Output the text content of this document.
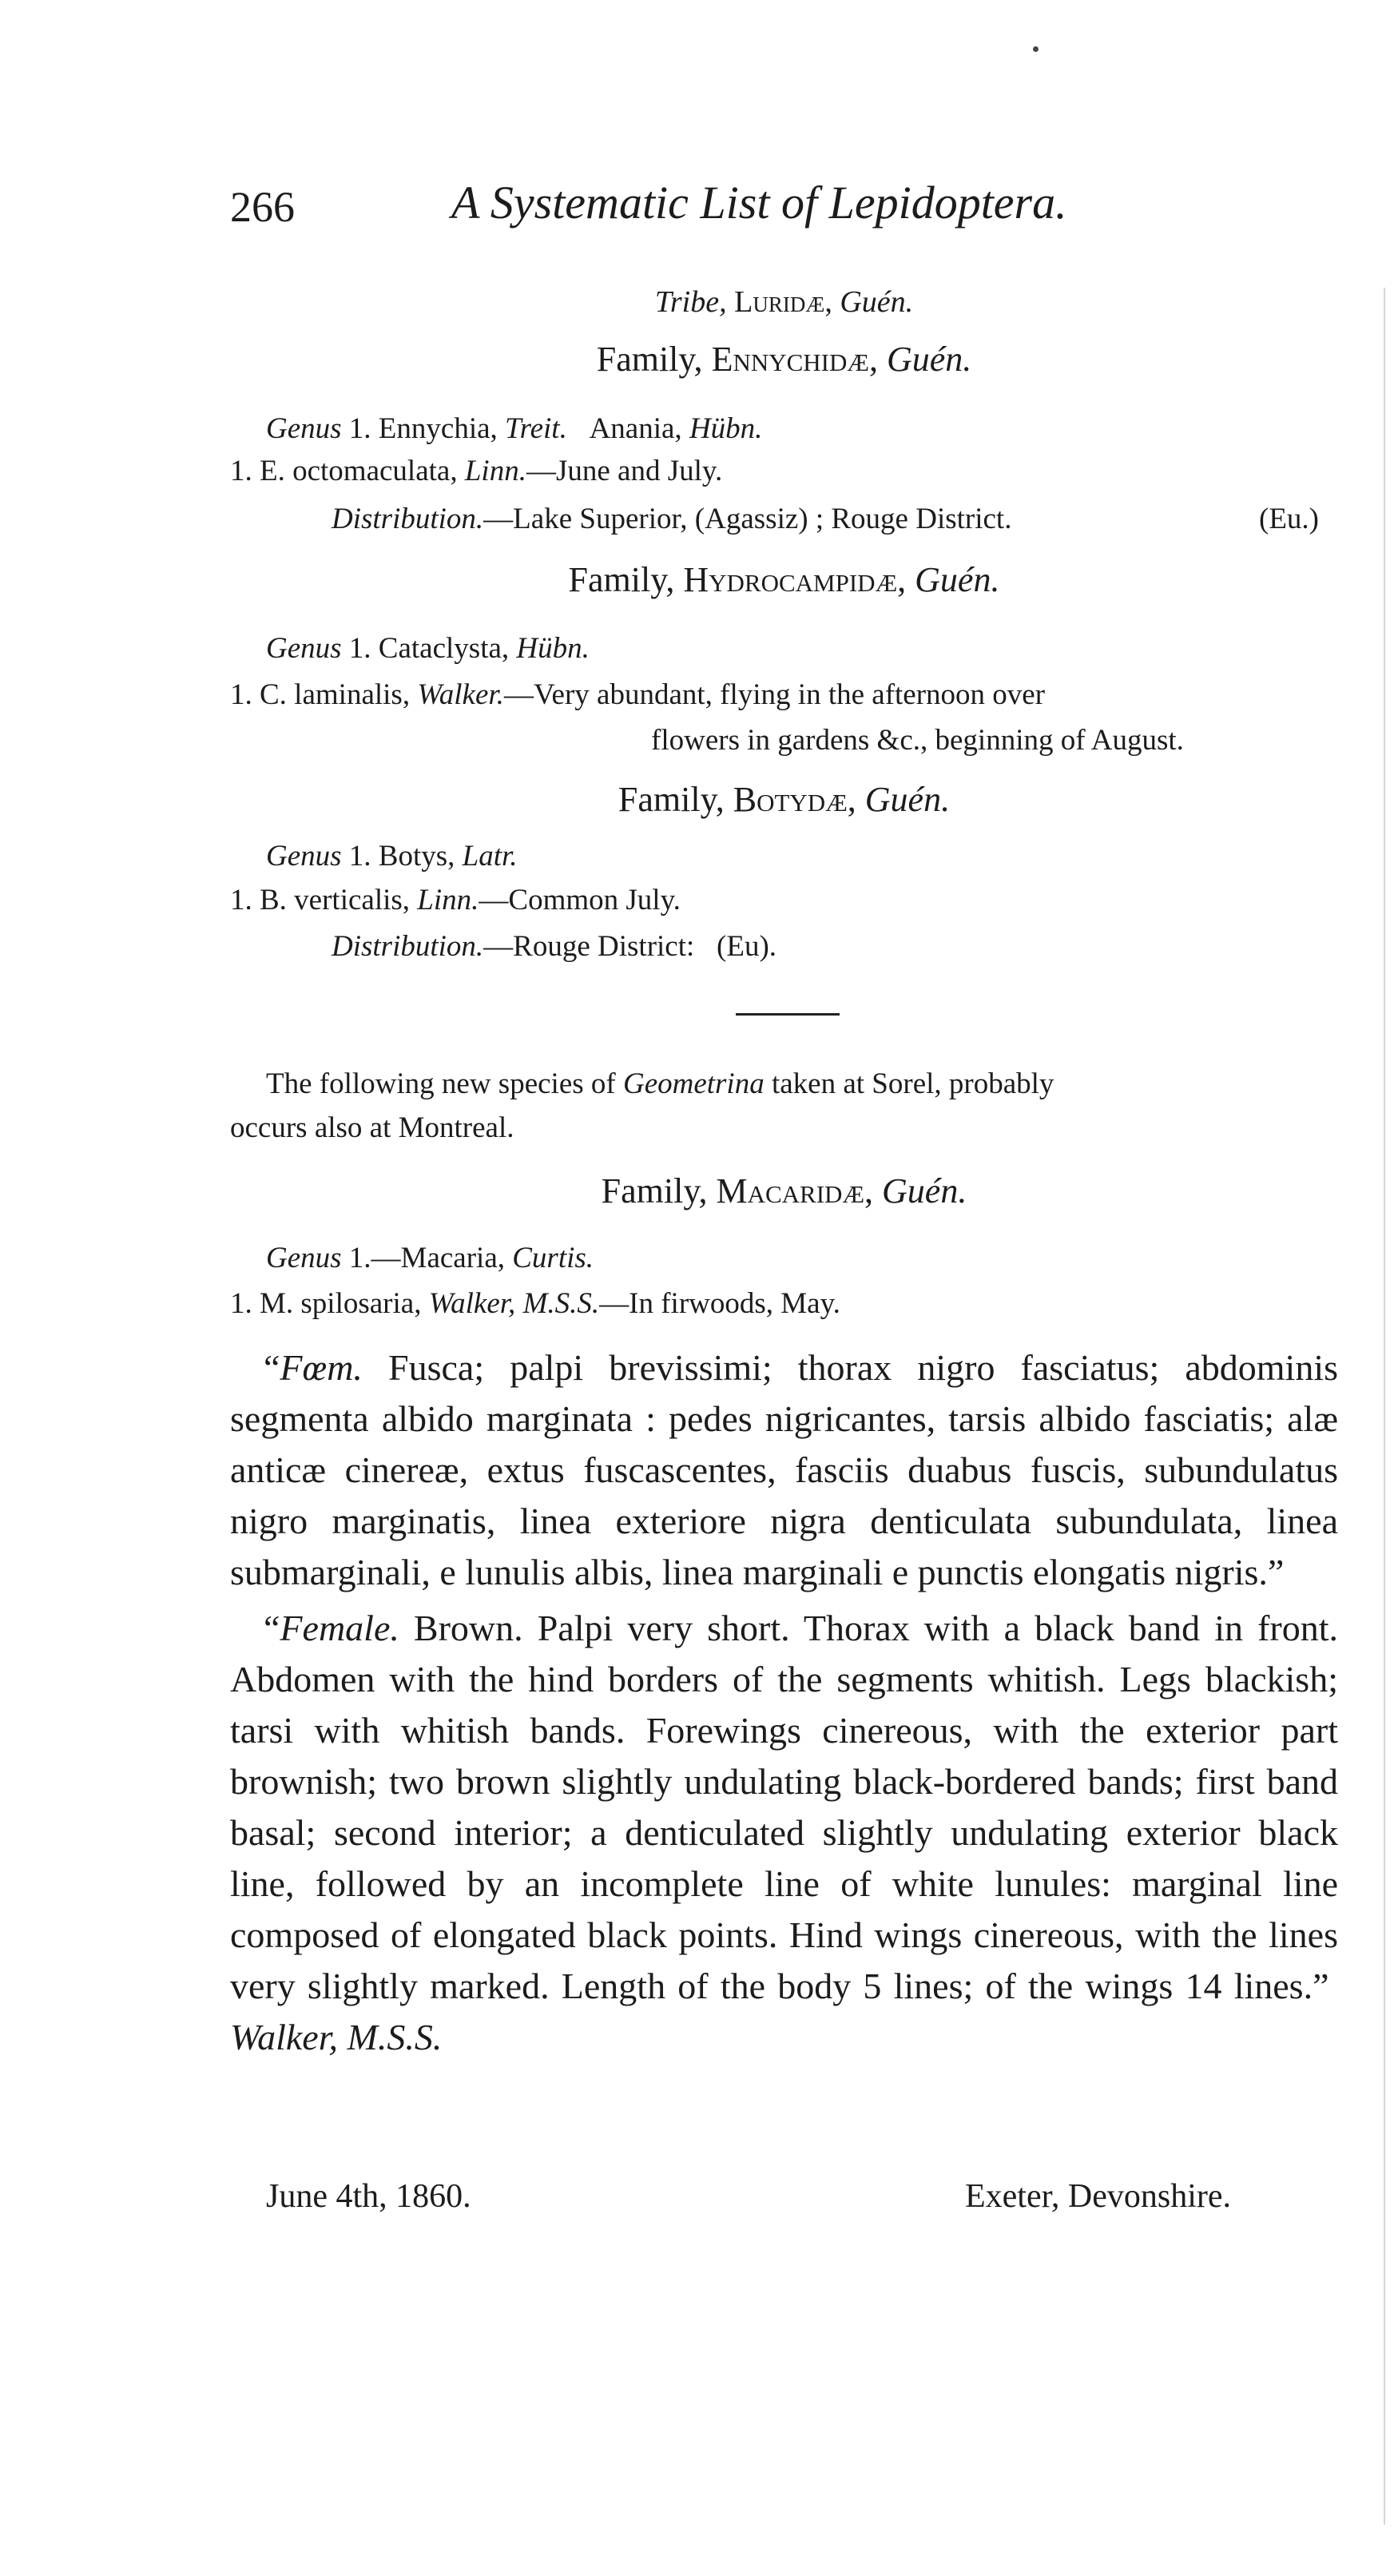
266	A Systematic List of Lepidoptera.
Tribe, Luridæ, Guén.
Family, Ennychidæ, Guén.
Genus 1. Ennychia, Treit. Anania, Hübn.
1. E. octomaculata, Linn.—June and July.
Distribution.—Lake Superior, (Agassiz) ; Rouge District.	(Eu.)
Family, Hydrocampidæ, Guén.
Genus 1. Cataclysta, Hübn.
1. C. laminalis, Walker.—Very abundant, flying in the afternoon over
flowers in gardens &c., beginning of August.
Family, Botydæ, Guén.
Genus 1. Botys, Latr.
1. B. verticalis, Linn.—Common July.
Distribution.—Rouge District: (Eu).
The following new species of Geometrina taken at Sorel, probably
occurs also at Montreal.
Family, Macaridæ, Guén.
Genus 1.—Macaria, Curtis.
1. M. spilosaria, Walker, M.S.S.—In firwoods, May.

“Fœm. Fusca; palpi brevissimi; thorax nigro fasciatus; abdominis segmenta albido marginata : pedes nigricantes, tarsis albido fasciatis; alæ anticæ cinereæ, extus fuscascentes, fasciis duabus fuscis, subundulatus nigro marginatis, linea exteriore nigra denticulata subundulata, linea submarginali, e lunulis albis, linea marginali e punctis elongatis nigris.”

“Female. Brown. Palpi very short. Thorax with a black band in front. Abdomen with the hind borders of the segments whitish. Legs blackish; tarsi with whitish bands. Forewings cinereous, with the exterior part brownish; two brown slightly undulating black-bordered bands; first band basal; second interior; a denticulated slightly undulating exterior black line, followed by an incomplete line of white lunules: marginal line composed of elongated black points. Hind wings cinereous, with the lines very slightly marked. Length of the body 5 lines; of the wings 14 lines.”  Walker, M.S.S.

June 4th, 1860.	Exeter, Devonshire.
